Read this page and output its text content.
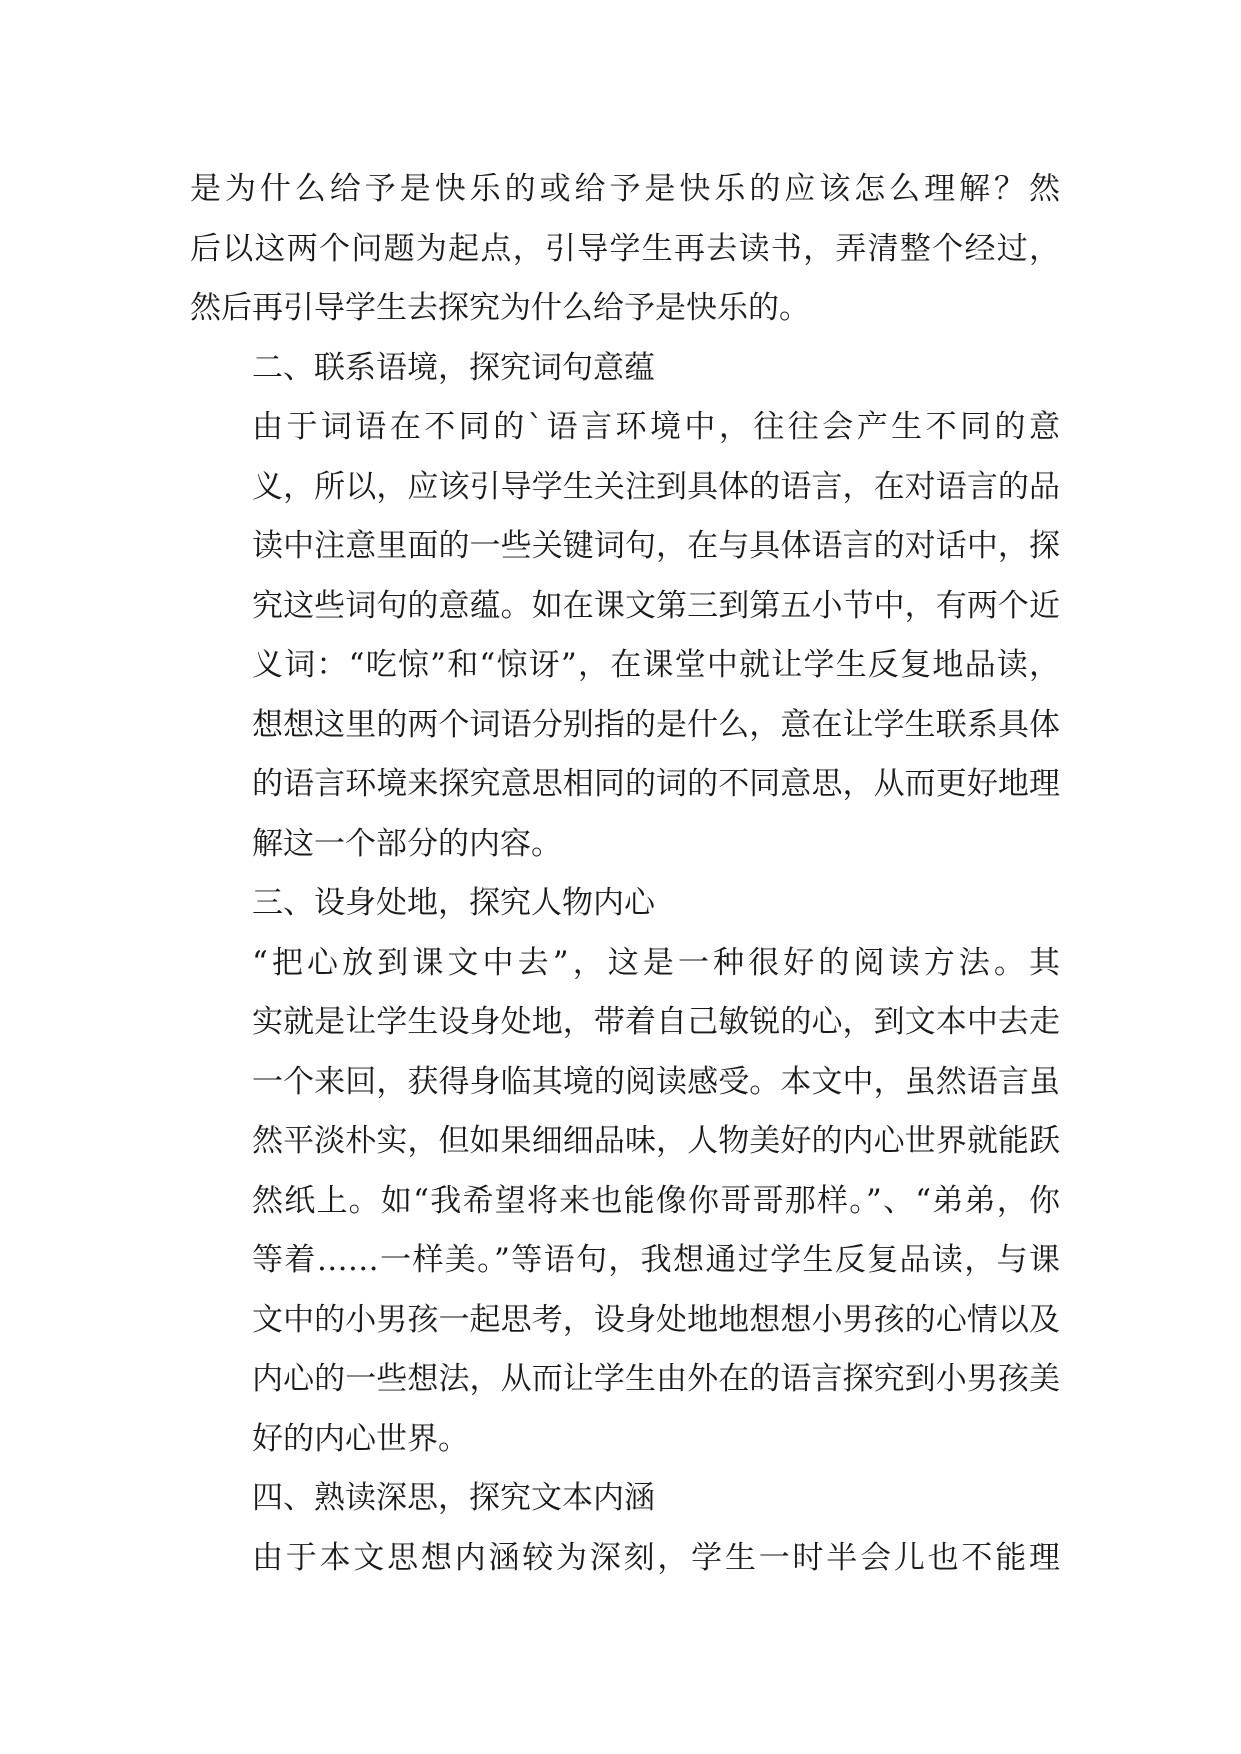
是为什么给予是快乐的或给予是快乐的应该怎么理解？然
后以这两个问题为起点，引导学生再去读书，弄清整个经过，
然后再引导学生去探究为什么给予是快乐的。
二、联系语境，探究词句意蕴
由于词语在不同的`语言环境中，往往会产生不同的意
义，所以，应该引导学生关注到具体的语言，在对语言的品
读中注意里面的一些关键词句，在与具体语言的对话中，探
究这些词句的意蕴。如在课文第三到第五小节中，有两个近
义词：“吃惊”和“惊讶”，在课堂中就让学生反复地品读，
想想这里的两个词语分别指的是什么，意在让学生联系具体
的语言环境来探究意思相同的词的不同意思，从而更好地理
解这一个部分的内容。
三、设身处地，探究人物内心
“把心放到课文中去”，这是一种很好的阅读方法。其
实就是让学生设身处地，带着自己敏锐的心，到文本中去走
一个来回，获得身临其境的阅读感受。本文中，虽然语言虽
然平淡朴实，但如果细细品味，人物美好的内心世界就能跃
然纸上。如“我希望将来也能像你哥哥那样。”、“弟弟，你
等着……一样美。”等语句，我想通过学生反复品读，与课
文中的小男孩一起思考，设身处地地想想小男孩的心情以及
内心的一些想法，从而让学生由外在的语言探究到小男孩美
好的内心世界。
四、熟读深思，探究文本内涵
由于本文思想内涵较为深刻，学生一时半会儿也不能理
